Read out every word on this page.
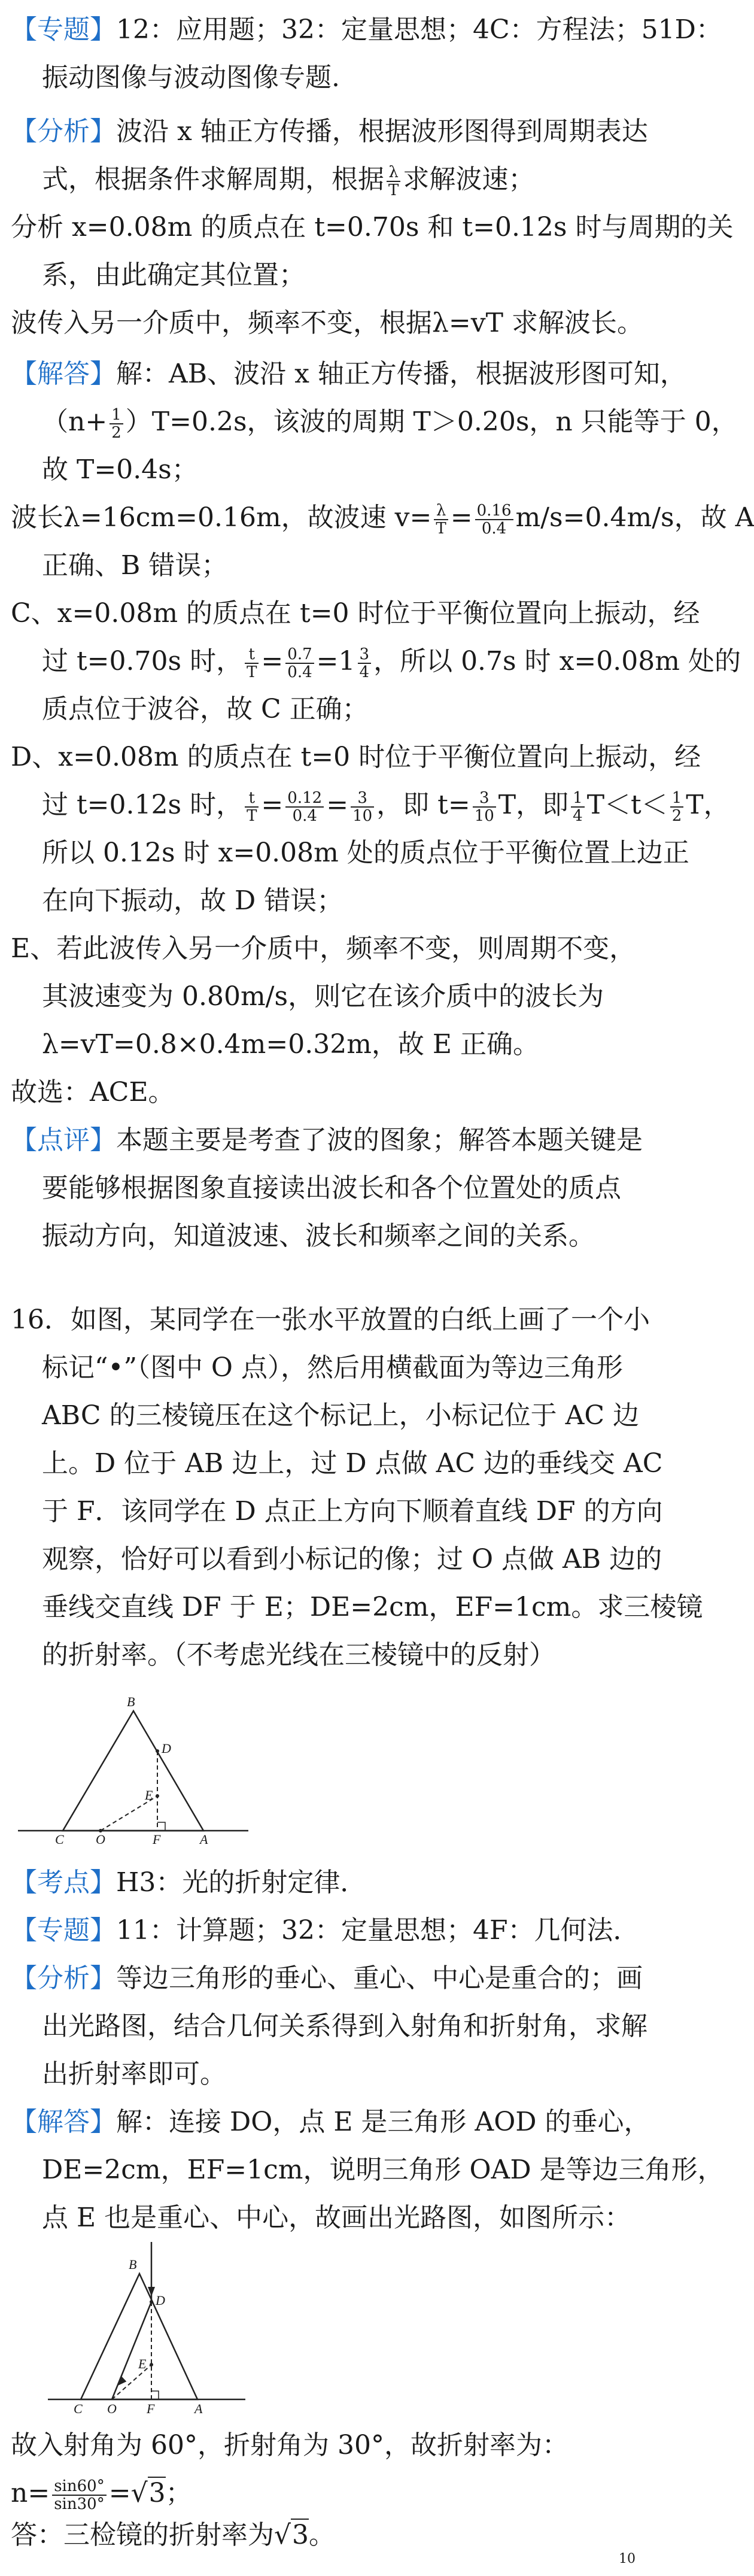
【专题】12：应用题；32：定量思想；4C：方程法；51D：
振动图像与波动图像专题.
【分析】波沿 x 轴正方传播，根据波形图得到周期表达
式，根据条件求解周期，根据 $\frac{\lambda}{T}$ 求解波速；
分析 x=0.08m 的质点在 t=0.70s 和 t=0.12s 时与周期的关
系，由此确定其位置；
波传入另一介质中，频率不变，根据λ=vT 求解波长。
【解答】解：AB、波沿 x 轴正方传播，根据波形图可知，
$(n+ \frac{1}{2} )T=0.2s$，该波的周期 T＞0.20s，n 只能等于 0，
故 T=0.4s；
波长λ=16cm=0.16m，故波速 $v= \frac{\lambda}{T} = \frac{0.16}{0.4} m/s=0.4m/s$，故 A
正确、B 错误；
C、x=0.08m 的质点在 t=0 时位于平衡位置向上振动，经
过 t=0.70s 时， $\frac{t}{T} = \frac{0.7}{0.4} =1 \frac{3}{4}$ ，所以 0.7s 时 x=0.08m 处的
质点位于波谷，故 C 正确；
D、x=0.08m 的质点在 t=0 时位于平衡位置向上振动，经
过 t=0.12s 时， $\frac{t}{T} = \frac{0.12}{0.4} = \frac{3}{10}$ ，即 $t= \frac{3}{10}$ T，即 $\frac{1}{4} T<t< \frac{1}{2}$ T，
所以 0.12s 时 x=0.08m 处的质点位于平衡位置上边正
在向下振动，故 D 错误；
E、若此波传入另一介质中，频率不变，则周期不变，
其波速变为 0.80m/s，则它在该介质中的波长为
λ=vT=0.8×0.4m=0.32m，故 E 正确。
故选：ACE。
【点评】本题主要是考查了波的图象；解答本题关键是
要能够根据图象直接读出波长和各个位置处的质点
振动方向，知道波速、波长和频率之间的关系。
16．如图，某同学在一张水平放置的白纸上画了一个小
标记“•”（图中 O 点），然后用横截面为等边三角形
ABC 的三棱镜压在这个标记上，小标记位于 AC 边
上。D 位于 AB 边上，过 D 点做 AC 边的垂线交 AC
于 F．该同学在 D 点正上方向下顺着直线 DF 的方向
观察，恰好可以看到小标记的像；过 O 点做 AB 边的
垂线交直线 DF 于 E；DE=2cm，EF=1cm。求三棱镜
的折射率。（不考虑光线在三棱镜中的反射）
B
D
E
C O	F	A
【考点】H3：光的折射定律．
【专题】11：计算题；32：定量思想；4F：几何法．
【分析】等边三角形的垂心、重心、中心是重合的；画
出光路图，结合几何关系得到入射角和折射角，求解
出折射率即可。
【解答】解：连接 DO，点 E 是三角形 AOD 的垂心，
DE=2cm，EF=1cm，说明三角形 OAD 是等边三角形，
点 E 也是重心、中心，故画出光路图，如图所示：
B
D
E
C O F	A
故入射角为 60°，折射角为 30°，故折射率为：
$n= \frac{\sin 60^\circ}{\sin 30^\circ} =√3$；
答：三检镜的折射率为√3。
10
